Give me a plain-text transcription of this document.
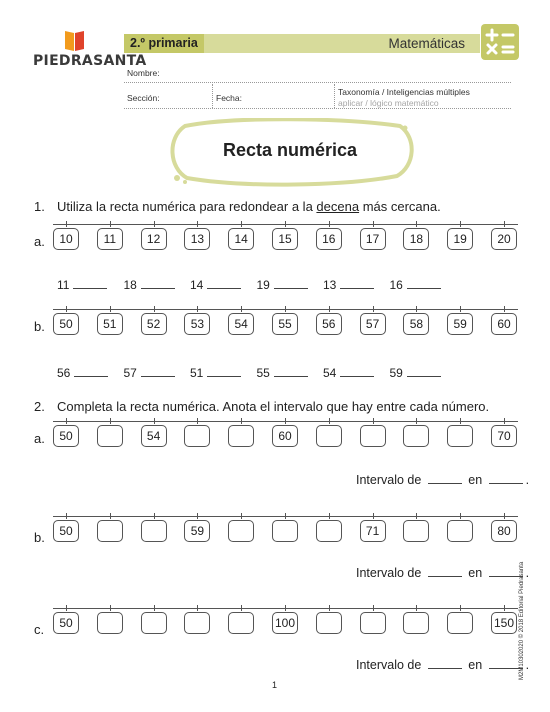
PIEDRASANTA
2.º primaria	Matemáticas
Nombre:
Sección:	Fecha:
Taxonomía / Inteligencias múltiples
aplicar / lógico matemático
Recta numérica
1. Utiliza la recta numérica para redondear a la decena más cercana.
a.
b.
2. Completa la recta numérica. Anota el intervalo que hay entre cada número.
a.
b.
c.
1
M2M10302020 © 2018 Editorial Piedrasanta
10	11	12	13	14	15	16	17	18	19	20
50	51	52	53	54	55	56	57	58	59	60
50	54	60	70
50	59	71	80
50	100	150
11	18	14	19	13	16
56	57	51	55	54	59
Intervalo de	en	.
Intervalo de	en	.
Intervalo de	en	.
